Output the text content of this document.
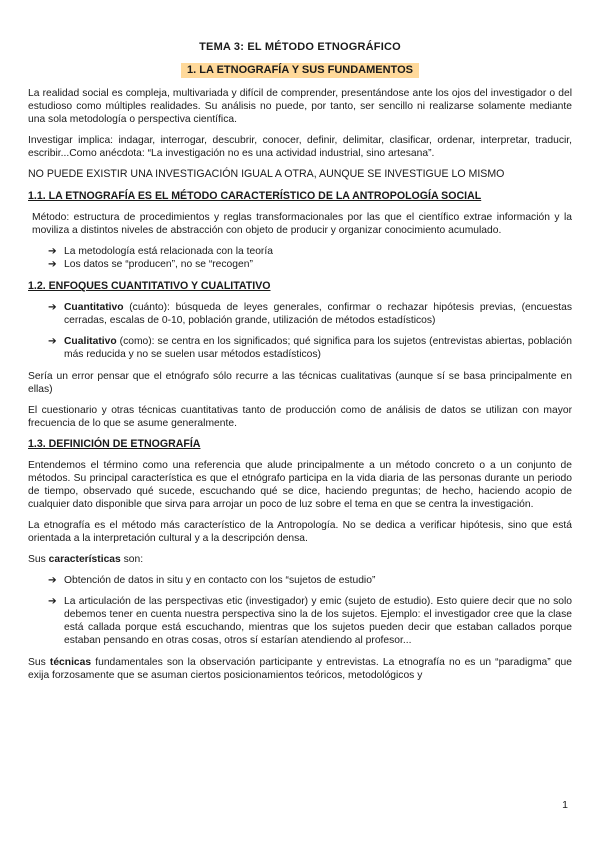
TEMA 3: EL MÉTODO ETNOGRÁFICO
1. LA ETNOGRAFÍA Y SUS FUNDAMENTOS

La realidad social es compleja, multivariada y difícil de comprender, presentándose ante los ojos del investigador o del estudioso como múltiples realidades. Su análisis no puede, por tanto, ser sencillo ni realizarse solamente mediante una sola metodología o perspectiva científica.

Investigar implica: indagar, interrogar, descubrir, conocer, definir, delimitar, clasificar, ordenar, interpretar, traducir, escribir...Como anécdota: “La investigación no es una actividad industrial, sino artesana”.

NO PUEDE EXISTIR UNA INVESTIGACIÓN IGUAL A OTRA, AUNQUE SE INVESTIGUE LO MISMO
1.1. LA ETNOGRAFÍA ES EL MÉTODO CARACTERÍSTICO DE LA ANTROPOLOGÍA SOCIAL

Método: estructura de procedimientos y reglas transformacionales por las que el científico extrae información y la moviliza a distintos niveles de abstracción con objeto de producir y organizar conocimiento acumulado.

➔ La metodología está relacionada con la teoría
➔ Los datos se “producen”, no se “recogen”
1.2. ENFOQUES CUANTITATIVO Y CUALITATIVO
➔ Cuantitativo (cuánto): búsqueda de leyes generales, confirmar o rechazar hipótesis previas, (encuestas cerradas, escalas de 0-10, población grande, utilización de métodos estadísticos)
➔ Cualitativo (como): se centra en los significados; qué significa para los sujetos (entrevistas abiertas, población más reducida y no se suelen usar métodos estadísticos)

Sería un error pensar que el etnógrafo sólo recurre a las técnicas cualitativas (aunque sí se basa principalmente en ellas)

El cuestionario y otras técnicas cuantitativas tanto de producción como de análisis de datos se utilizan con mayor frecuencia de lo que se asume generalmente.

1.3. DEFINICIÓN DE ETNOGRAFÍA

Entendemos el término como una referencia que alude principalmente a un método concreto o a un conjunto de métodos. Su principal característica es que el etnógrafo participa en la vida diaria de las personas durante un periodo de tiempo, observado qué sucede, escuchando qué se dice, haciendo preguntas; de hecho, haciendo acopio de cualquier dato disponible que sirva para arrojar un poco de luz sobre el tema en que se centra la investigación.

La etnografía es el método más característico de la Antropología. No se dedica a verificar hipótesis, sino que está orientada a la interpretación cultural y a la descripción densa.

Sus características son:

➔ Obtención de datos in situ y en contacto con los “sujetos de estudio”
➔ La articulación de las perspectivas etic (investigador) y emic (sujeto de estudio). Esto quiere decir que no solo debemos tener en cuenta nuestra perspectiva sino la de los sujetos. Ejemplo: el investigador cree que la clase está callada porque está escuchando, mientras que los sujetos pueden decir que estaban callados porque estaban pensando en otras cosas, otros sí estarían atendiendo al profesor...

Sus técnicas fundamentales son la observación participante y entrevistas. La etnografía no es un “paradigma” que exija forzosamente que se asuman ciertos posicionamientos teóricos, metodológicos y

1
